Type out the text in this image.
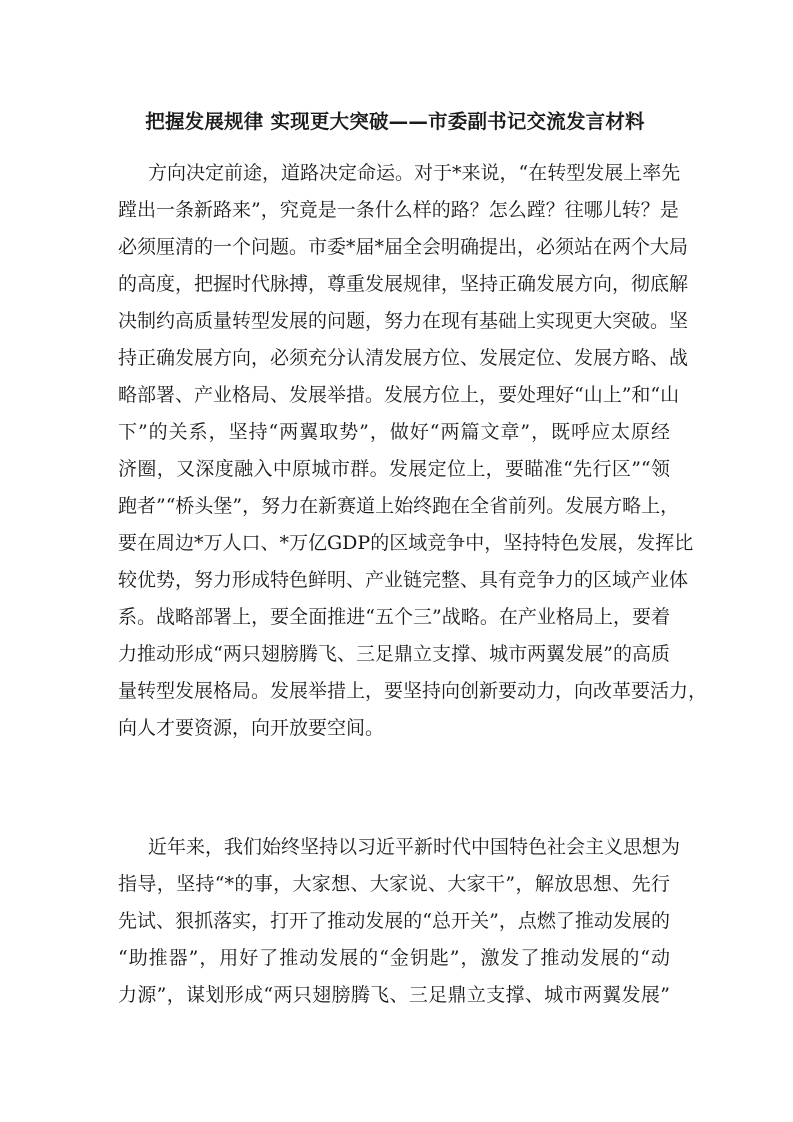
把握发展规律 实现更大突破——市委副书记交流发言材料
方向决定前途，道路决定命运。对于*来说，“在转型发展上率先
蹚出一条新路来”，究竟是一条什么样的路？怎么蹚？往哪儿转？是
必须厘清的一个问题。市委*届*届全会明确提出，必须站在两个大局
的高度，把握时代脉搏，尊重发展规律，坚持正确发展方向，彻底解
决制约高质量转型发展的问题，努力在现有基础上实现更大突破。坚
持正确发展方向，必须充分认清发展方位、发展定位、发展方略、战
略部署、产业格局、发展举措。发展方位上，要处理好“山上”和“山
下”的关系，坚持“两翼取势”，做好“两篇文章”，既呼应太原经
济圈，又深度融入中原城市群。发展定位上，要瞄准“先行区”“领
跑者”“桥头堡”，努力在新赛道上始终跑在全省前列。发展方略上，
要在周边*万人口、*万亿GDP的区域竞争中，坚持特色发展，发挥比
较优势，努力形成特色鲜明、产业链完整、具有竞争力的区域产业体
系。战略部署上，要全面推进“五个三”战略。在产业格局上，要着
力推动形成“两只翅膀腾飞、三足鼎立支撑、城市两翼发展”的高质
量转型发展格局。发展举措上，要坚持向创新要动力，向改革要活力，
向人才要资源，向开放要空间。
近年来，我们始终坚持以习近平新时代中国特色社会主义思想为
指导，坚持“*的事，大家想、大家说、大家干”，解放思想、先行
先试、狠抓落实，打开了推动发展的“总开关”，点燃了推动发展的
“助推器”，用好了推动发展的“金钥匙”，激发了推动发展的“动
力源”，谋划形成“两只翅膀腾飞、三足鼎立支撑、城市两翼发展”
